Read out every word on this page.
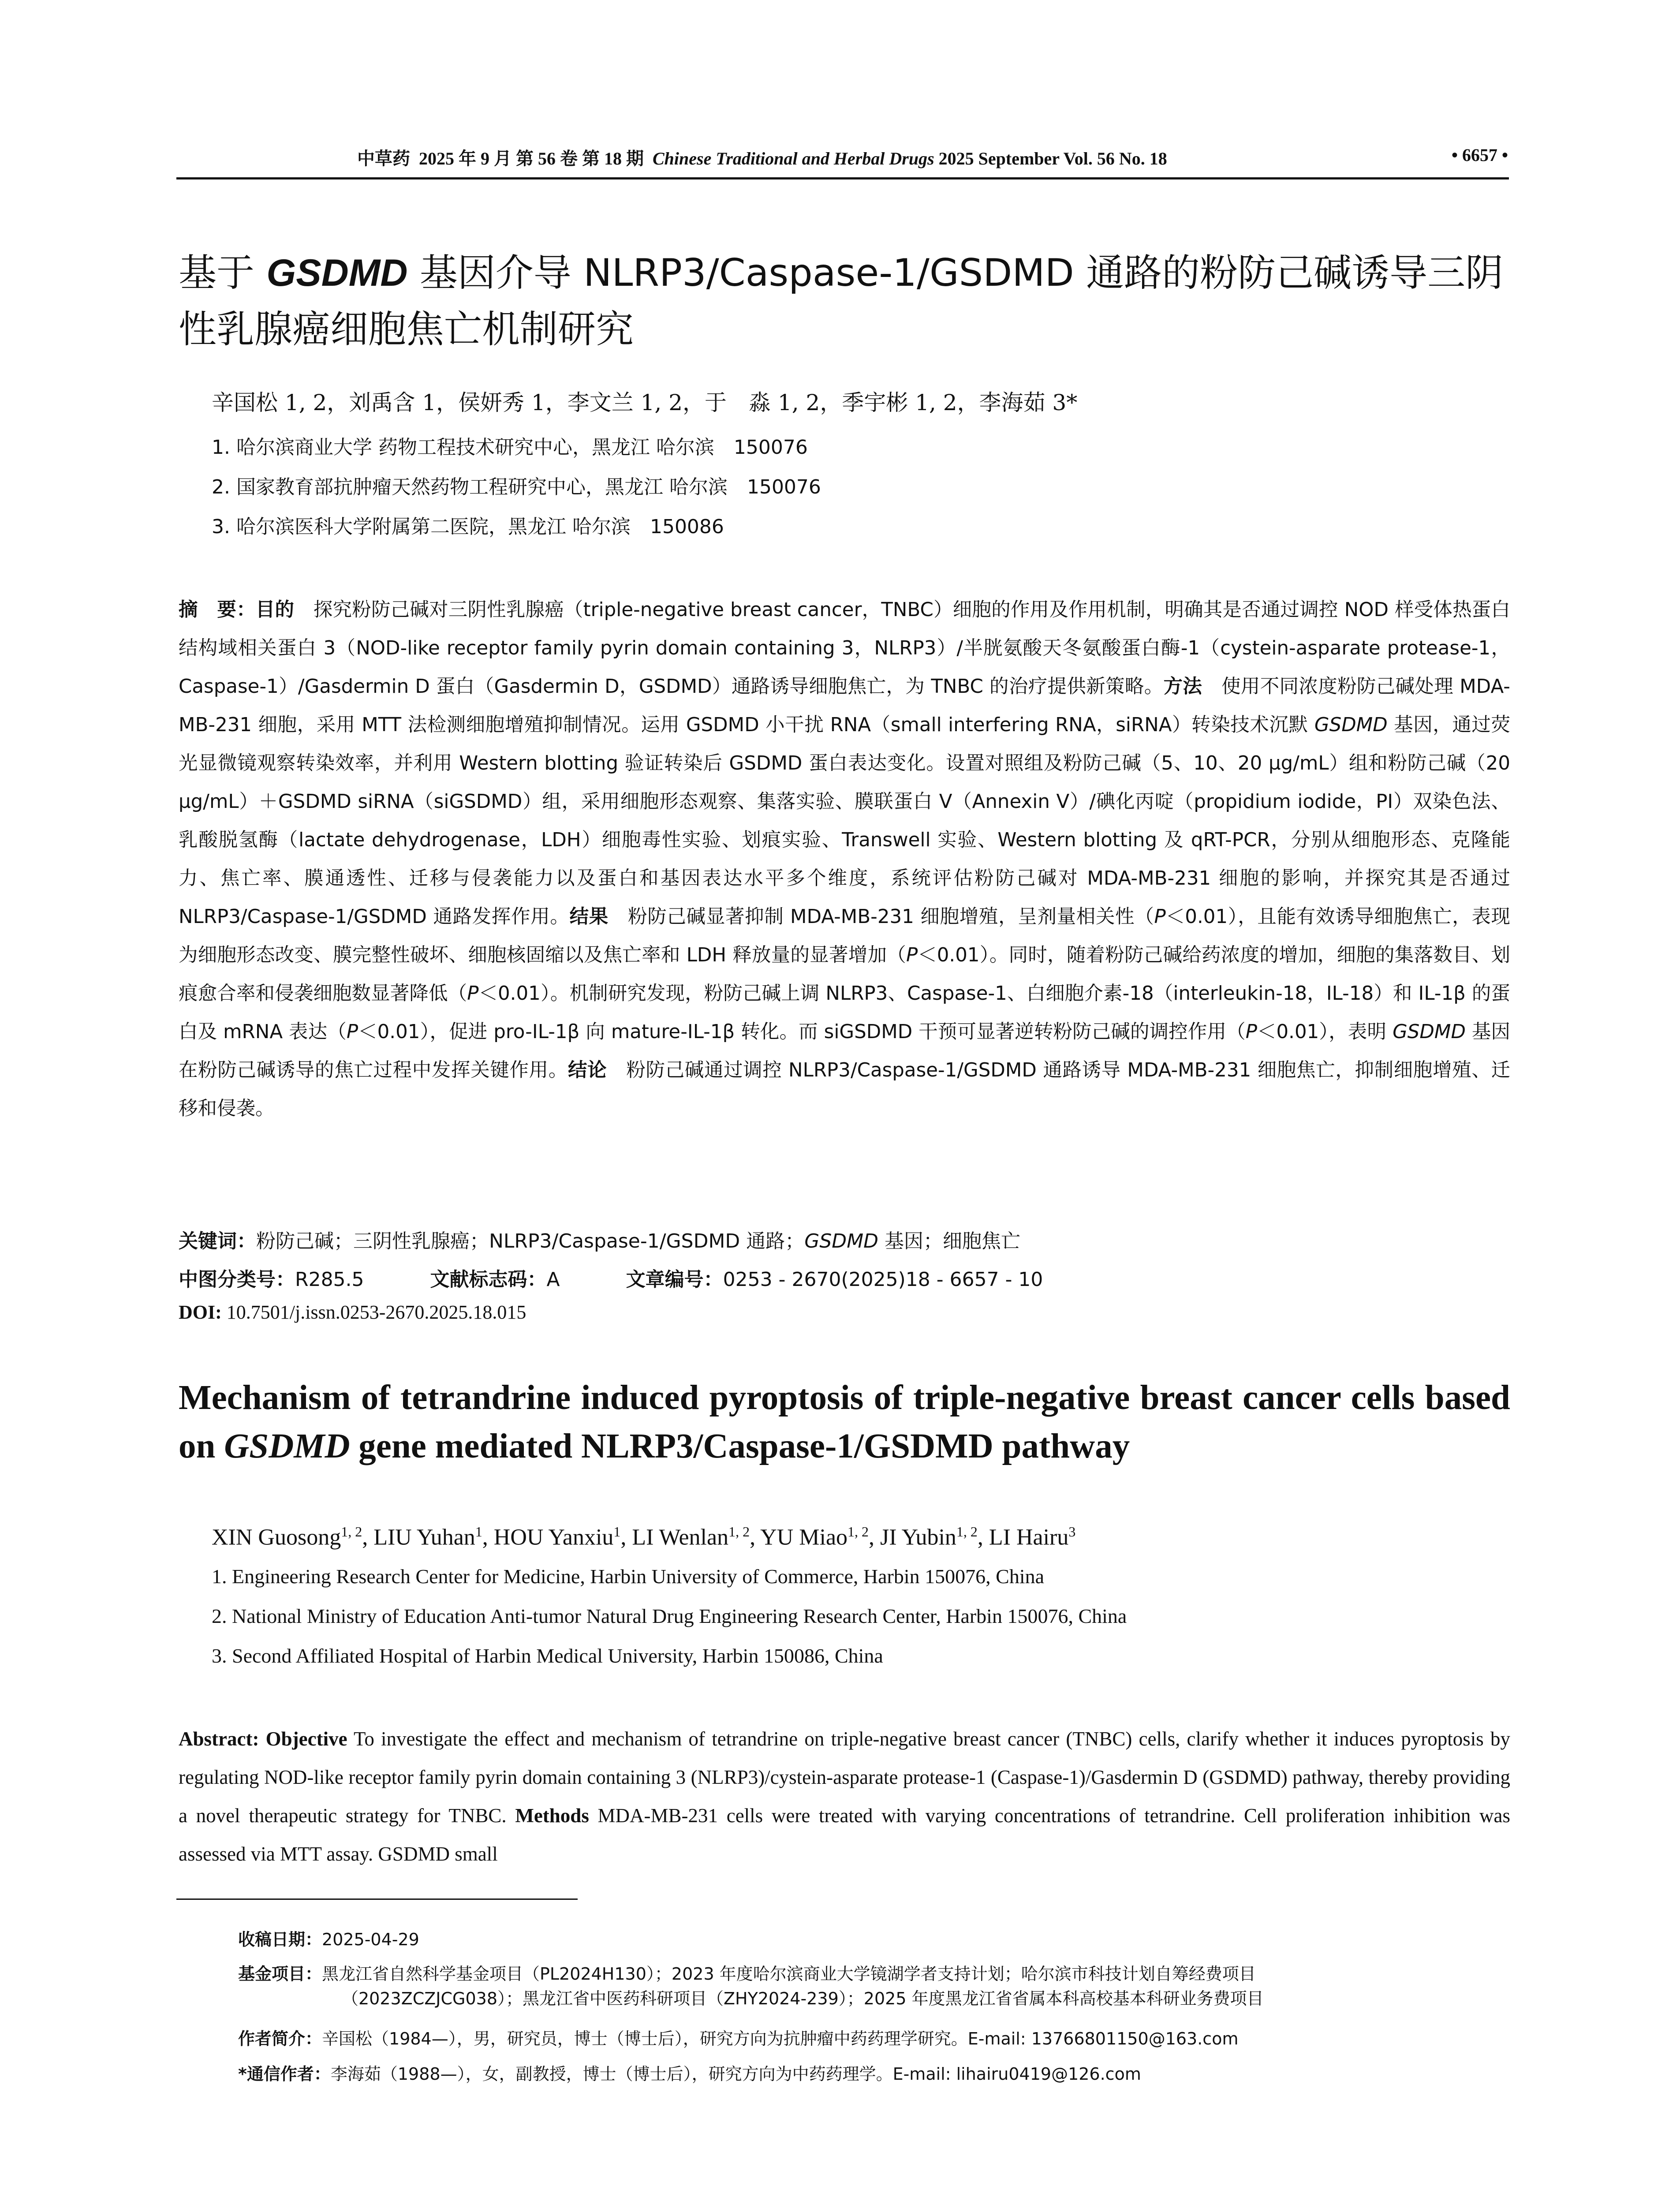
中草药 2025 年 9 月 第 56 卷 第 18 期 Chinese Traditional and Herbal Drugs 2025 September Vol. 56 No. 18	• 6657 •
基于 GSDMD 基因介导 NLRP3/Caspase-1/GSDMD 通路的粉防己碱诱导三阴性乳腺癌细胞焦亡机制研究
辛国松 1, 2，刘禹含 1，侯妍秀 1，李文兰 1, 2，于　淼 1, 2，季宇彬 1, 2，李海茹 3*
1. 哈尔滨商业大学 药物工程技术研究中心，黑龙江 哈尔滨　150076
2. 国家教育部抗肿瘤天然药物工程研究中心，黑龙江 哈尔滨　150076
3. 哈尔滨医科大学附属第二医院，黑龙江 哈尔滨　150086
摘　要：目的　探究粉防己碱对三阴性乳腺癌（triple-negative breast cancer，TNBC）细胞的作用及作用机制，明确其是否通过调控 NOD 样受体热蛋白结构域相关蛋白 3（NOD-like receptor family pyrin domain containing 3，NLRP3）/半胱氨酸天冬氨酸蛋白酶-1（cystein-asparate protease-1，Caspase-1）/Gasdermin D 蛋白（Gasdermin D，GSDMD）通路诱导细胞焦亡，为 TNBC 的治疗提供新策略。方法　使用不同浓度粉防己碱处理 MDA-MB-231 细胞，采用 MTT 法检测细胞增殖抑制情况。运用 GSDMD 小干扰 RNA（small interfering RNA，siRNA）转染技术沉默 GSDMD 基因，通过荧光显微镜观察转染效率，并利用 Western blotting 验证转染后 GSDMD 蛋白表达变化。设置对照组及粉防己碱（5、10、20 μg/mL）组和粉防己碱（20 μg/mL）＋GSDMD siRNA（siGSDMD）组，采用细胞形态观察、集落实验、膜联蛋白 V（Annexin V）/碘化丙啶（propidium iodide，PI）双染色法、乳酸脱氢酶（lactate dehydrogenase，LDH）细胞毒性实验、划痕实验、Transwell 实验、Western blotting 及 qRT-PCR，分别从细胞形态、克隆能力、焦亡率、膜通透性、迁移与侵袭能力以及蛋白和基因表达水平多个维度，系统评估粉防己碱对 MDA-MB-231 细胞的影响，并探究其是否通过 NLRP3/Caspase-1/GSDMD 通路发挥作用。结果　粉防己碱显著抑制 MDA-MB-231 细胞增殖，呈剂量相关性（P＜0.01），且能有效诱导细胞焦亡，表现为细胞形态改变、膜完整性破坏、细胞核固缩以及焦亡率和 LDH 释放量的显著增加（P＜0.01）。同时，随着粉防己碱给药浓度的增加，细胞的集落数目、划痕愈合率和侵袭细胞数显著降低（P＜0.01）。机制研究发现，粉防己碱上调 NLRP3、Caspase-1、白细胞介素-18（interleukin-18，IL-18）和 IL-1β 的蛋白及 mRNA 表达（P＜0.01），促进 pro-IL-1β 向 mature-IL-1β 转化。而 siGSDMD 干预可显著逆转粉防己碱的调控作用（P＜0.01），表明 GSDMD 基因在粉防己碱诱导的焦亡过程中发挥关键作用。结论　粉防己碱通过调控 NLRP3/Caspase-1/GSDMD 通路诱导 MDA-MB-231 细胞焦亡，抑制细胞增殖、迁移和侵袭。
关键词：粉防己碱；三阴性乳腺癌；NLRP3/Caspase-1/GSDMD 通路；GSDMD 基因；细胞焦亡
中图分类号：R285.5	文献标志码：A	文章编号：0253 - 2670(2025)18 - 6657 - 10
DOI: 10.7501/j.issn.0253-2670.2025.18.015
Mechanism of tetrandrine induced pyroptosis of triple-negative breast cancer cells based on GSDMD gene mediated NLRP3/Caspase-1/GSDMD pathway
XIN Guosong$^{1, 2}$, LIU Yuhan$^1$, HOU Yanxiu$^1$, LI Wenlan$^{1, 2}$, YU Miao$^{1, 2}$, JI Yubin$^{1, 2}$, LI Hairu$^3$
1. Engineering Research Center for Medicine, Harbin University of Commerce, Harbin 150076, China
2. National Ministry of Education Anti-tumor Natural Drug Engineering Research Center, Harbin 150076, China
3. Second Affiliated Hospital of Harbin Medical University, Harbin 150086, China
Abstract: Objective To investigate the effect and mechanism of tetrandrine on triple-negative breast cancer (TNBC) cells, clarify whether it induces pyroptosis by regulating NOD-like receptor family pyrin domain containing 3 (NLRP3)/cystein-asparate protease-1 (Caspase-1)/Gasdermin D (GSDMD) pathway, thereby providing a novel therapeutic strategy for TNBC. Methods MDA-MB-231 cells were treated with varying concentrations of tetrandrine. Cell proliferation inhibition was assessed via MTT assay. GSDMD small
收稿日期：2025-04-29
基金项目：黑龙江省自然科学基金项目（PL2024H130）；2023 年度哈尔滨商业大学镜湖学者支持计划；哈尔滨市科技计划自筹经费项目
（2023ZCZJCG038）；黑龙江省中医药科研项目（ZHY2024-239）；2025 年度黑龙江省省属本科高校基本科研业务费项目
作者简介：辛国松（1984—），男，研究员，博士（博士后），研究方向为抗肿瘤中药药理学研究。E-mail: 13766801150@163.com
*通信作者：李海茹（1988—），女，副教授，博士（博士后），研究方向为中药药理学。E-mail: lihairu0419@126.com
